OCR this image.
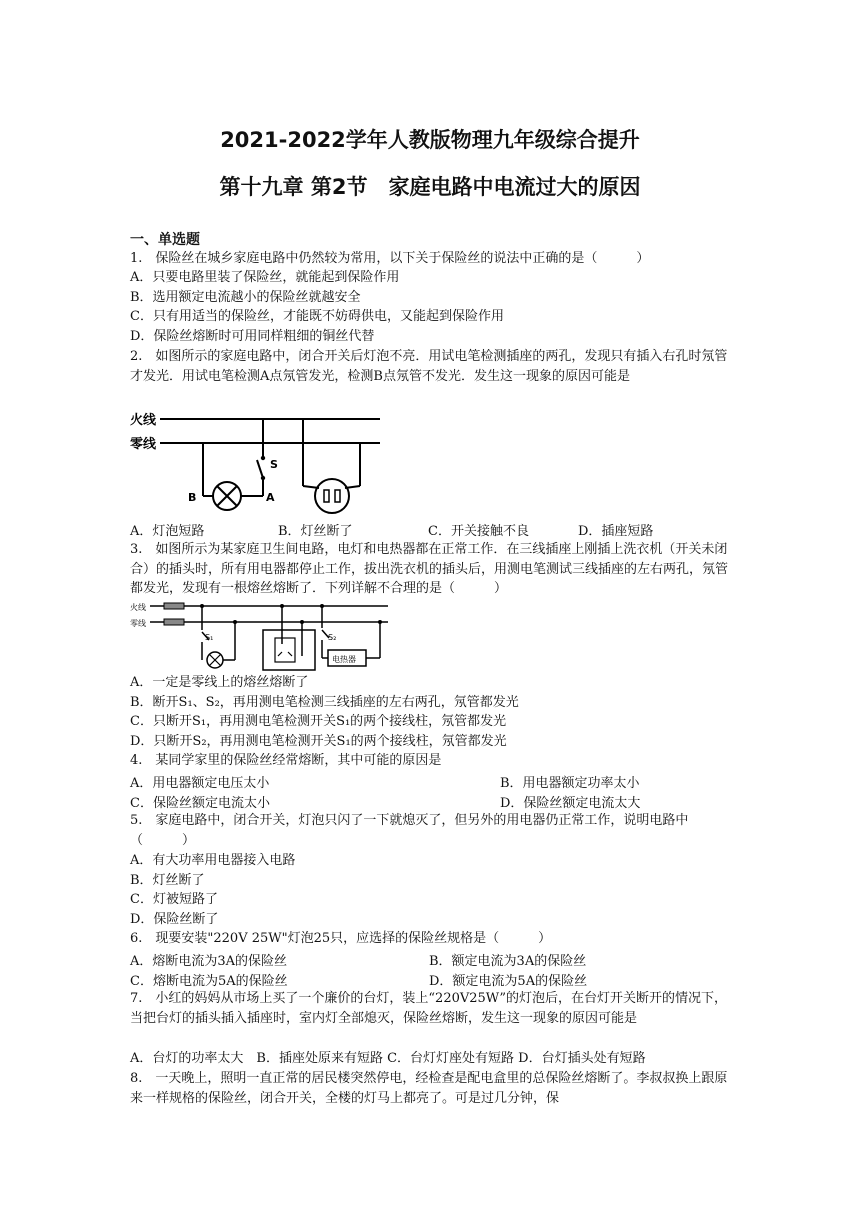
2021-2022学年人教版物理九年级综合提升
第十九章 第2节　家庭电路中电流过大的原因
一、单选题
1.　保险丝在城乡家庭电路中仍然较为常用，以下关于保险丝的说法中正确的是（　　　）
A．只要电路里装了保险丝，就能起到保险作用
B．选用额定电流越小的保险丝就越安全
C．只有用适当的保险丝，才能既不妨碍供电，又能起到保险作用
D．保险丝熔断时可用同样粗细的铜丝代替
2.　如图所示的家庭电路中，闭合开关后灯泡不亮．用试电笔检测插座的两孔，发现只有插入右孔时氖管才发光．用试电笔检测A点氖管发光，检测B点氖管不发光．发生这一现象的原因可能是
火线
零线
S
B	A
A．灯泡短路	B．灯丝断了	C．开关接触不良	D．插座短路
3.　如图所示为某家庭卫生间电路，电灯和电热器都在正常工作．在三线插座上刚插上洗衣机（开关未闭合）的插头时，所有用电器都停止工作，拔出洗衣机的插头后，用测电笔测试三线插座的左右两孔，氖管都发光，发现有一根熔丝熔断了．下列详解不合理的是（　　　）
火线
零线
S₁	S₂
电热器
A．一定是零线上的熔丝熔断了
B．断开S₁、S₂，再用测电笔检测三线插座的左右两孔，氖管都发光
C．只断开S₁，再用测电笔检测开关S₁的两个接线柱，氖管都发光
D．只断开S₂，再用测电笔检测开关S₁的两个接线柱，氖管都发光
4.　某同学家里的保险丝经常熔断，其中可能的原因是
A．用电器额定电压太小	B．用电器额定功率太小
C．保险丝额定电流太小	D．保险丝额定电流太大
5.　家庭电路中，闭合开关，灯泡只闪了一下就熄灭了，但另外的用电器仍正常工作，说明电路中（　　　）
A．有大功率用电器接入电路
B．灯丝断了
C．灯被短路了
D．保险丝断了
6.　现要安装"220V 25W"灯泡25只，应选择的保险丝规格是（　　　）
A．熔断电流为3A的保险丝	B．额定电流为3A的保险丝
C．熔断电流为5A的保险丝	D．额定电流为5A的保险丝
7.　小红的妈妈从市场上买了一个廉价的台灯，装上“220V25W”的灯泡后，在台灯开关断开的情况下，当把台灯的插头插入插座时，室内灯全部熄灭，保险丝熔断，发生这一现象的原因可能是
A．台灯的功率太大　B．插座处原来有短路 C．台灯灯座处有短路 D．台灯插头处有短路
8.　一天晚上，照明一直正常的居民楼突然停电，经检查是配电盒里的总保险丝熔断了。李叔叔换上跟原来一样规格的保险丝，闭合开关，全楼的灯马上都亮了。可是过几分钟，保
